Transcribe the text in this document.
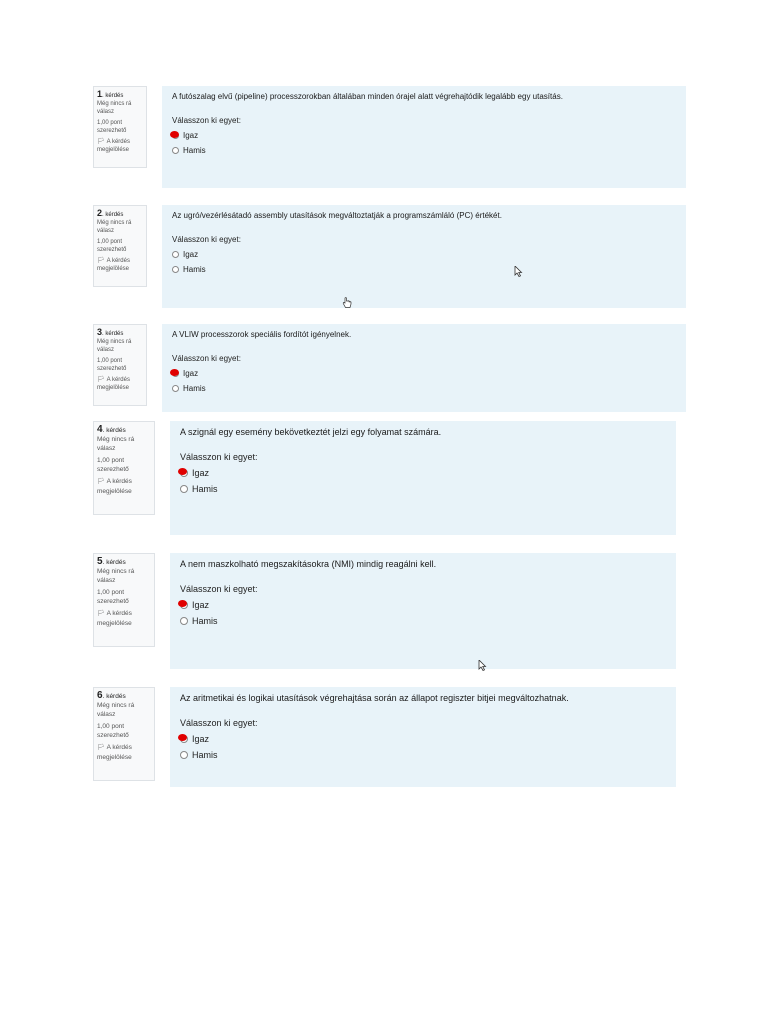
1. kérdés
Még nincs rá válasz
1,00 pont szerezhető
🏳 A kérdés megjelölése
A futószalag elvű (pipeline) processzorokban általában minden órajel alatt végrehajtódik legalább egy utasítás.
Válasszon ki egyet:
Igaz
Hamis
2. kérdés
Még nincs rá válasz
1,00 pont szerezhető
🏳 A kérdés megjelölése
Az ugró/vezérlésátadó assembly utasítások megváltoztatják a programszámláló (PC) értékét.
Válasszon ki egyet:
Igaz
Hamis
3. kérdés
Még nincs rá válasz
1,00 pont szerezhető
🏳 A kérdés megjelölése
A VLIW processzorok speciális fordítót igényelnek.
Válasszon ki egyet:
Igaz
Hamis
4. kérdés
Még nincs rá válasz
1,00 pont szerezhető
🏳 A kérdés megjelölése
A szignál egy esemény bekövetkeztét jelzi egy folyamat számára.
Válasszon ki egyet:
Igaz
Hamis
5. kérdés
Még nincs rá válasz
1,00 pont szerezhető
🏳 A kérdés megjelölése
A nem maszkolható megszakításokra (NMI) mindig reagálni kell.
Válasszon ki egyet:
Igaz
Hamis
6. kérdés
Még nincs rá válasz
1,00 pont szerezhető
🏳 A kérdés megjelölése
Az aritmetikai és logikai utasítások végrehajtása során az állapot regiszter bitjei megváltozhatnak.
Válasszon ki egyet:
Igaz
Hamis
